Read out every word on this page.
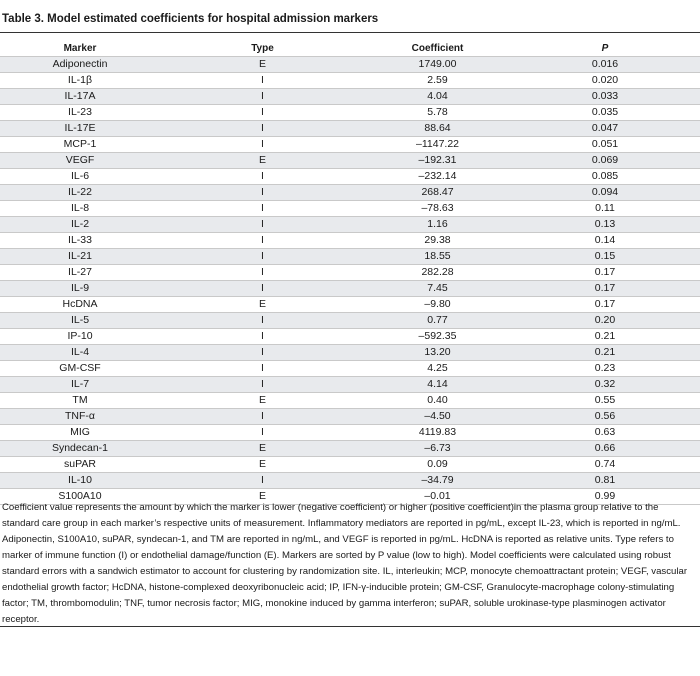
Table 3. Model estimated coefficients for hospital admission markers
Marker	Type	Coefficient	P
Adiponectin	E	1749.00	0.016
IL-1β	I	2.59	0.020
IL-17A	I	4.04	0.033
IL-23	I	5.78	0.035
IL-17E	I	88.64	0.047
MCP-1	I	–1147.22	0.051
VEGF	E	–192.31	0.069
IL-6	I	–232.14	0.085
IL-22	I	268.47	0.094
IL-8	I	–78.63	0.11
IL-2	I	1.16	0.13
IL-33	I	29.38	0.14
IL-21	I	18.55	0.15
IL-27	I	282.28	0.17
IL-9	I	7.45	0.17
HcDNA	E	–9.80	0.17
IL-5	I	0.77	0.20
IP-10	I	–592.35	0.21
IL-4	I	13.20	0.21
GM-CSF	I	4.25	0.23
IL-7	I	4.14	0.32
TM	E	0.40	0.55
TNF-α	I	–4.50	0.56
MIG	I	4119.83	0.63
Syndecan-1	E	–6.73	0.66
suPAR	E	0.09	0.74
IL-10	I	–34.79	0.81
S100A10	E	–0.01	0.99
Coefficient value represents the amount by which the marker is lower (negative coefficient) or higher (positive coefficient)in the plasma group relative to the standard care group in each marker’s respective units of measurement. Inflammatory mediators are reported in pg/mL, except IL-23, which is reported in ng/mL. Adiponectin, S100A10, suPAR, syndecan-1, and TM are reported in ng/mL, and VEGF is reported in pg/mL. HcDNA is reported as relative units. Type refers to marker of immune function (I) or endothelial damage/function (E). Markers are sorted by P value (low to high). Model coefficients were calculated using robust standard errors with a sandwich estimator to account for clustering by randomization site. IL, interleukin; MCP, monocyte chemoattractant protein; VEGF, vascular endothelial growth factor; HcDNA, histone-complexed deoxyribonucleic acid; IP, IFN-γ-inducible protein; GM-CSF, Granulocyte-macrophage colony-stimulating factor; TM, thrombomodulin; TNF, tumor necrosis factor; MIG, monokine induced by gamma interferon; suPAR, soluble urokinase-type plasminogen activator receptor.
